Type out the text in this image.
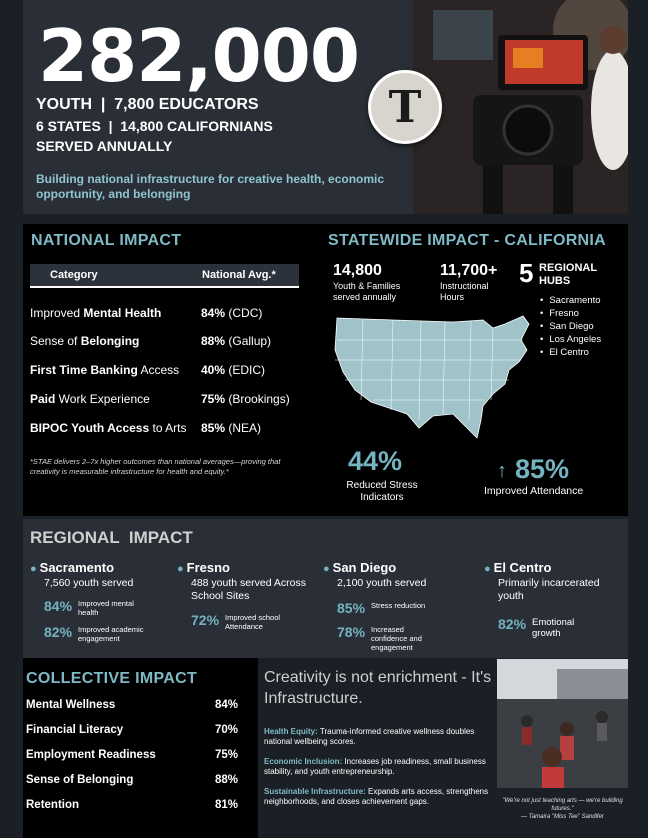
282,000
YOUTH  |  7,800 EDUCATORS
6 STATES  |  14,800 CALIFORNIANS
SERVED ANNUALLY
Building national infrastructure for creative health, economic opportunity, and belonging
T
NATIONAL IMPACT
Category	National Avg.*
Improved Mental Health	84% (CDC)
Sense of Belonging	88% (Gallup)
First Time Banking Access 40% (EDIC)
Paid Work Experience	75% (Brookings)
BIPOC Youth Access to Arts 85% (NEA)
*STAE delivers 2–7x higher outcomes than national averages—proving that creativity is measurable infrastructure for health and equity.*
STATEWIDE IMPACT - CALIFORNIA
14,800
Youth & Families served annually
11,700+
Instructional Hours
5 REGIONAL HUBS
• Sacramento
• Fresno
• San Diego
• Los Angeles
• El Centro
44%
Reduced Stress Indicators
↑ 85%
Improved Attendance
REGIONAL  IMPACT
● Sacramento
7,560 youth served
84% Improved mental health
82% Improved academic engagement
● Fresno
488 youth served Across School Sites
72% Improved school Attendance
● San Diego
2,100 youth served
85% Stress reduction
78% Increased confidence and engagement
● El Centro
Primarily incarcerated youth
82% Emotional growth
COLLECTIVE IMPACT
Mental Wellness	84%
Financial Literacy	70%
Employment Readiness	75%
Sense of Belonging	88%
Retention	81%
Creativity is not enrichment - It's Infrastructure.
Health Equity: Trauma-informed creative wellness doubles national wellbeing scores.
Economic Inclusion: Increases job readiness, small business stability, and youth entrepreneurship.
Sustainable Infrastructure: Expands arts access, strengthens neighborhoods, and closes achievement gaps.	"We're not just teaching arts — we're building futures."
— Tamaira "Miss Tee" Sandifer
